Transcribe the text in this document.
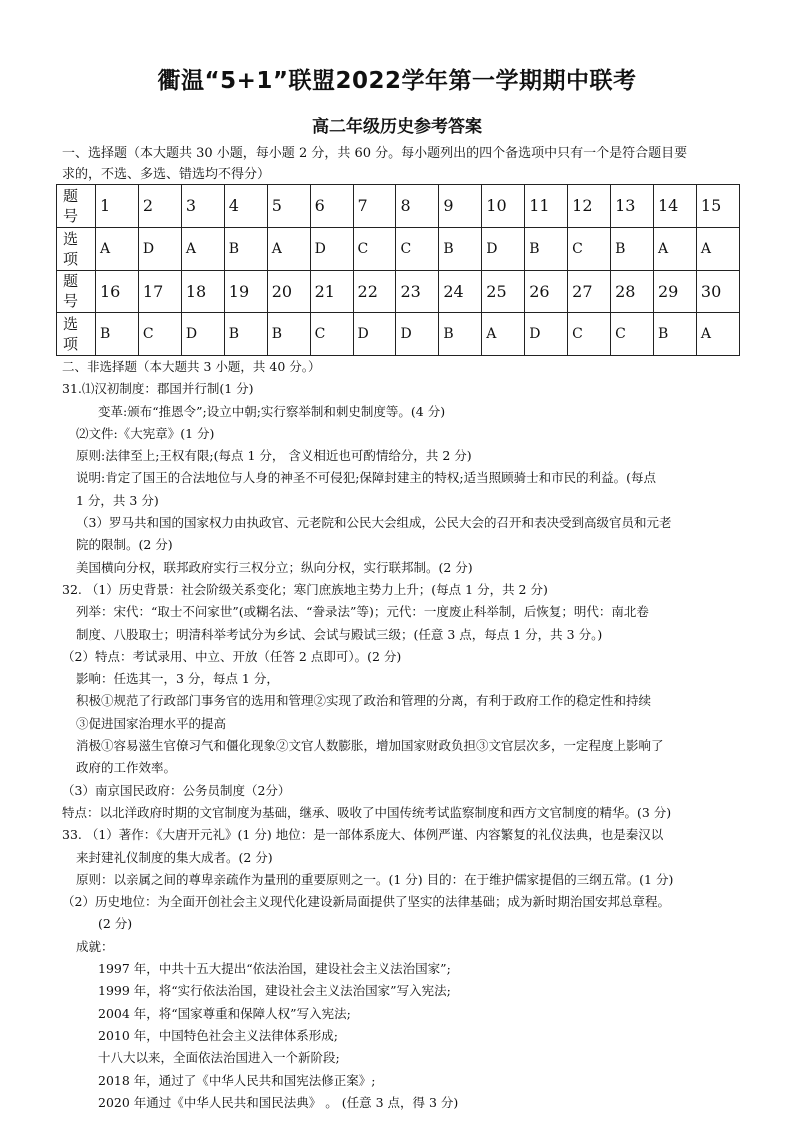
衢温“5+1”联盟2022学年第一学期期中联考
高二年级历史参考答案
一、选择题（本大题共 30 小题，每小题 2 分，共 60 分。每小题列出的四个备选项中只有一个是符合题目要
求的，不选、多选、错选均不得分）
题
号	1	2	3	4	5	6	7	8	9	10	11	12	13	14	15
选
项	A	D	A	B	A	D	C	C	B	D	B	C	B	A	A
题
号	16	17	18	19	20	21	22	23	24	25	26	27	28	29	30
选
项	B	C	D	B	B	C	D	D	B	A	D	C	C	B	A
二、非选择题（本大题共 3 小题，共 40 分。）
31.⑴汉初制度：郡国并行制(1 分)
变革:颁布“推恩令”;设立中朝;实行察举制和刺史制度等。(4 分)
⑵文件:《大宪章》(1 分)
原则:法律至上;王权有限;(每点 1 分， 含义相近也可酌情给分，共 2 分)
说明:肯定了国王的合法地位与人身的神圣不可侵犯;保障封建主的特权;适当照顾骑士和市民的利益。(每点
1 分，共 3 分)
（3）罗马共和国的国家权力由执政官、元老院和公民大会组成，公民大会的召开和表决受到高级官员和元老
院的限制。(2 分)
美国横向分权，联邦政府实行三权分立；纵向分权，实行联邦制。(2 分)
32. （1）历史背景：社会阶级关系变化；寒门庶族地主势力上升；(每点 1 分，共 2 分)
列举：宋代：“取士不问家世”(或糊名法、“誊录法”等)；元代：一度废止科举制，后恢复；明代：南北卷
制度、八股取士；明清科举考试分为乡试、会试与殿试三级；(任意 3 点，每点 1 分，共 3 分。)
（2）特点：考试录用、中立、开放（任答 2 点即可）。(2 分)
影响：任选其一，3 分，每点 1 分，
积极①规范了行政部门事务官的选用和管理②实现了政治和管理的分离，有利于政府工作的稳定性和持续
③促进国家治理水平的提高
消极①容易滋生官僚习气和僵化现象②文官人数膨胀，增加国家财政负担③文官层次多，一定程度上影响了
政府的工作效率。
（3）南京国民政府：公务员制度（2分）
特点：以北洋政府时期的文官制度为基础，继承、吸收了中国传统考试监察制度和西方文官制度的精华。(3 分)
33. （1）著作：《大唐开元礼》(1 分) 地位：是一部体系庞大、体例严谨、内容繁复的礼仪法典，也是秦汉以
来封建礼仪制度的集大成者。(2 分)
原则：以亲属之间的尊卑亲疏作为量刑的重要原则之一。(1 分) 目的：在于维护儒家提倡的三纲五常。(1 分)
（2）历史地位：为全面开创社会主义现代化建设新局面提供了坚实的法律基础；成为新时期治国安邦总章程。
(2 分)
成就：
1997 年，中共十五大提出“依法治国，建设社会主义法治国家”;
1999 年，将“实行依法治国，建设社会主义法治国家”写入宪法;
2004 年，将“国家尊重和保障人权”写入宪法;
2010 年，中国特色社会主义法律体系形成;
十八大以来，全面依法治国进入一个新阶段;
2018 年，通过了《中华人民共和国宪法修正案》;
2020 年通过《中华人民共和国民法典》 。 (任意 3 点，得 3 分)
